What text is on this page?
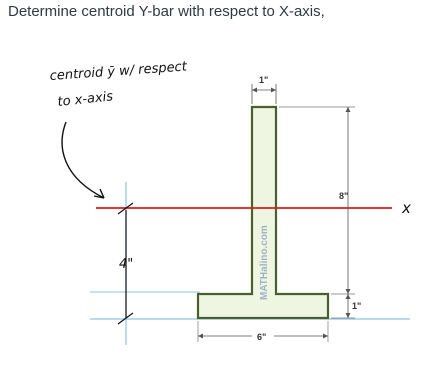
Determine centroid Y-bar with respect to X-axis,
MATHalino.com
1"
8"
1"
6"
centroid ȳ w/ respect
to x-axis
4"
x
